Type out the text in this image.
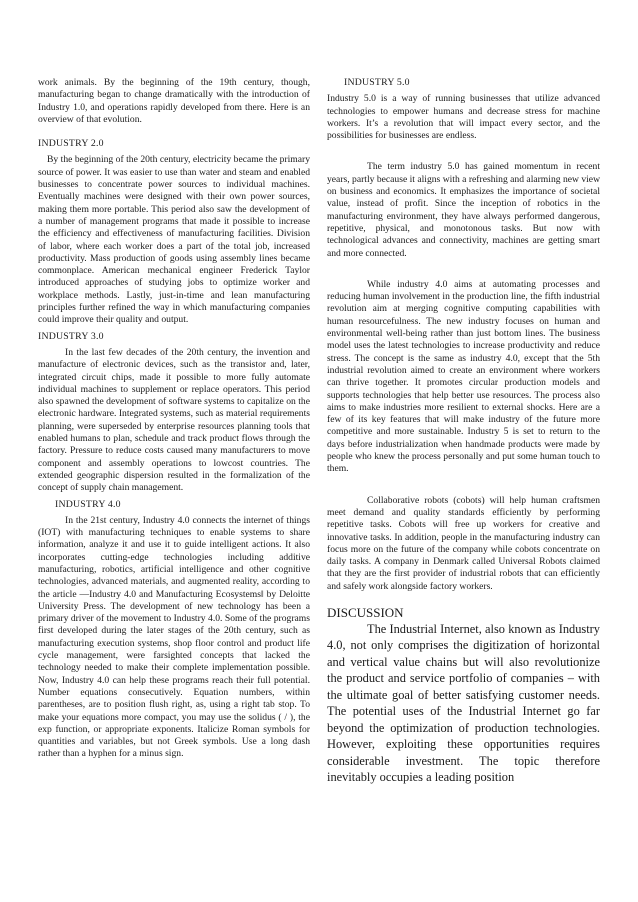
work animals. By the beginning of the 19th century, though, manufacturing began to change dramatically with the introduction of Industry 1.0, and operations rapidly developed from there. Here is an overview of that evolution.

INDUSTRY 2.0

By the beginning of the 20th century, electricity became the primary source of power. It was easier to use than water and steam and enabled businesses to concentrate power sources to individual machines. Eventually machines were designed with their own power sources, making them more portable. This period also saw the development of a number of management programs that made it possible to increase the efficiency and effectiveness of manufacturing facilities. Division of labor, where each worker does a part of the total job, increased productivity. Mass production of goods using assembly lines became commonplace. American mechanical engineer Frederick Taylor introduced approaches of studying jobs to optimize worker and workplace methods. Lastly, just-in-time and lean manufacturing principles further refined the way in which manufacturing companies could improve their quality and output.

INDUSTRY 3.0

In the last few decades of the 20th century, the invention and manufacture of electronic devices, such as the transistor and, later, integrated circuit chips, made it possible to more fully automate individual machines to supplement or replace operators. This period also spawned the development of software systems to capitalize on the electronic hardware. Integrated systems, such as material requirements planning, were superseded by enterprise resources planning tools that enabled humans to plan, schedule and track product flows through the factory. Pressure to reduce costs caused many manufacturers to move component and assembly operations to lowcost countries. The extended geographic dispersion resulted in the formalization of the concept of supply chain management.

INDUSTRY 4.0

In the 21st century, Industry 4.0 connects the internet of things (IOT) with manufacturing techniques to enable systems to share information, analyze it and use it to guide intelligent actions. It also incorporates cutting-edge technologies including additive manufacturing, robotics, artificial intelligence and other cognitive technologies, advanced materials, and augmented reality, according to the article ―Industry 4.0 and Manufacturing Ecosystems‖ by Deloitte University Press. The development of new technology has been a primary driver of the movement to Industry 4.0. Some of the programs first developed during the later stages of the 20th century, such as manufacturing execution systems, shop floor control and product life cycle management, were farsighted concepts that lacked the technology needed to make their complete implementation possible. Now, Industry 4.0 can help these programs reach their full potential. Number equations consecutively. Equation numbers, within parentheses, are to position flush right, as, using a right tab stop. To make your equations more compact, you may use the solidus ( / ), the exp function, or appropriate exponents. Italicize Roman symbols for quantities and variables, but not Greek symbols. Use a long dash rather than a hyphen for a minus sign.

INDUSTRY 5.0

Industry 5.0 is a way of running businesses that utilize advanced technologies to empower humans and decrease stress for machine workers. It’s a revolution that will impact every sector, and the possibilities for businesses are endless.

The term industry 5.0 has gained momentum in recent years, partly because it aligns with a refreshing and alarming new view on business and economics. It emphasizes the importance of societal value, instead of profit. Since the inception of robotics in the manufacturing environment, they have always performed dangerous, repetitive, physical, and monotonous tasks. But now with technological advances and connectivity, machines are getting smart and more connected.

While industry 4.0 aims at automating processes and reducing human involvement in the production line, the fifth industrial revolution aim at merging cognitive computing capabilities with human resourcefulness. The new industry focuses on human and environmental well-being rather than just bottom lines. The business model uses the latest technologies to increase productivity and reduce stress. The concept is the same as industry 4.0, except that the 5th industrial revolution aimed to create an environment where workers can thrive together. It promotes circular production models and supports technologies that help better use resources. The process also aims to make industries more resilient to external shocks. Here are a few of its key features that will make industry of the future more competitive and more sustainable. Industry 5 is set to return to the days before industrialization when handmade products were made by people who knew the process personally and put some human touch to them.

Collaborative robots (cobots) will help human craftsmen meet demand and quality standards efficiently by performing repetitive tasks. Cobots will free up workers for creative and innovative tasks. In addition, people in the manufacturing industry can focus more on the future of the company while cobots concentrate on daily tasks. A company in Denmark called Universal Robots claimed that they are the first provider of industrial robots that can efficiently and safely work alongside factory workers.

DISCUSSION

The Industrial Internet, also known as Industry 4.0, not only comprises the digitization of horizontal and vertical value chains but will also revolutionize the product and service portfolio of companies – with the ultimate goal of better satisfying customer needs. The potential uses of the Industrial Internet go far beyond the optimization of production technologies. However, exploiting these opportunities requires considerable investment. The topic therefore inevitably occupies a leading position
